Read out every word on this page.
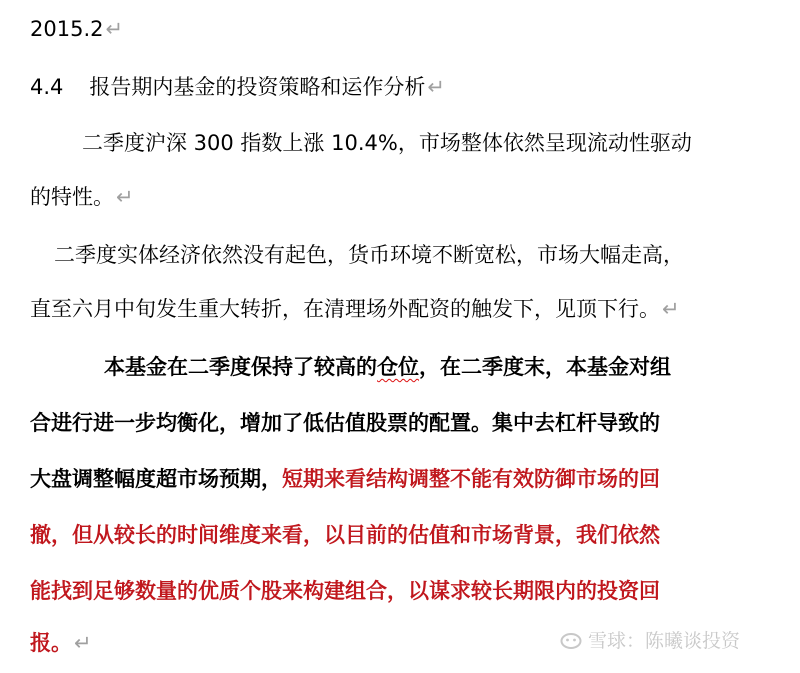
2015.2↵
4.4 报告期内基金的投资策略和运作分析↵
二季度沪深 300 指数上涨 10.4%，市场整体依然呈现流动性驱动
的特性。↵
二季度实体经济依然没有起色，货币环境不断宽松，市场大幅走高，
直至六月中旬发生重大转折，在清理场外配资的触发下，见顶下行。↵
本基金在二季度保持了较高的仓位，在二季度末，本基金对组
合进行进一步均衡化，增加了低估值股票的配置。集中去杠杆导致的
大盘调整幅度超市场预期，短期来看结构调整不能有效防御市场的回
撤，但从较长的时间维度来看，以目前的估值和市场背景，我们依然
能找到足够数量的优质个股来构建组合，以谋求较长期限内的投资回
报。↵	雪球：陈曦谈投资
